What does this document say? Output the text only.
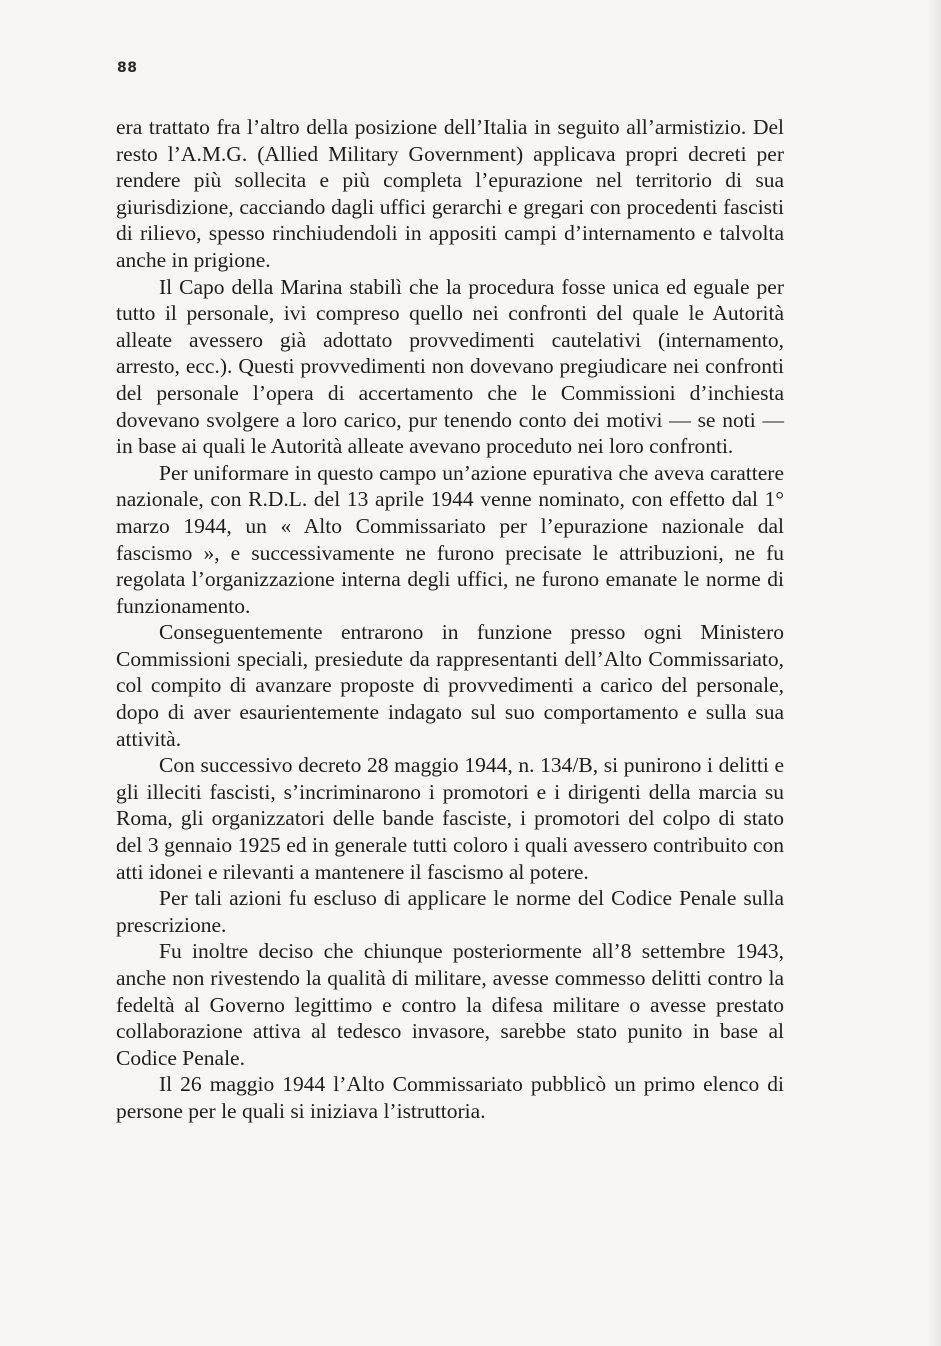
88

era trattato fra l’altro della posizione dell’Italia in seguito all’armistizio. Del resto l’A.M.G. (Allied Military Government) applicava propri decreti per rendere più sollecita e più completa l’epurazione nel territorio di sua giurisdizione, cacciando dagli uffici gerarchi e gregari con procedenti fascisti di rilievo, spesso rinchiudendoli in appositi campi d’internamento e talvolta anche in prigione.

Il Capo della Marina stabilì che la procedura fosse unica ed eguale per tutto il personale, ivi compreso quello nei confronti del quale le Autorità alleate avessero già adottato provvedimenti cautelativi (internamento, arresto, ecc.). Questi provvedimenti non dovevano pregiudicare nei confronti del personale l’opera di accertamento che le Commissioni d’inchiesta dovevano svolgere a loro carico, pur tenendo conto dei motivi — se noti — in base ai quali le Autorità alleate avevano proceduto nei loro confronti.

Per uniformare in questo campo un’azione epurativa che aveva carattere nazionale, con R.D.L. del 13 aprile 1944 venne nominato, con effetto dal 1° marzo 1944, un « Alto Commissariato per l’epurazione nazionale dal fascismo », e successivamente ne furono precisate le attribuzioni, ne fu regolata l’organizzazione interna degli uffici, ne furono emanate le norme di funzionamento.

Conseguentemente entrarono in funzione presso ogni Ministero Commissioni speciali, presiedute da rappresentanti dell’Alto Commissariato, col compito di avanzare proposte di provvedimenti a carico del personale, dopo di aver esaurientemente indagato sul suo comportamento e sulla sua attività.

Con successivo decreto 28 maggio 1944, n. 134/B, si punirono i delitti e gli illeciti fascisti, s’incriminarono i promotori e i dirigenti della marcia su Roma, gli organizzatori delle bande fasciste, i promotori del colpo di stato del 3 gennaio 1925 ed in generale tutti coloro i quali avessero contribuito con atti idonei e rilevanti a mantenere il fascismo al potere.

Per tali azioni fu escluso di applicare le norme del Codice Penale sulla prescrizione.

Fu inoltre deciso che chiunque posteriormente all’8 settembre 1943, anche non rivestendo la qualità di militare, avesse commesso delitti contro la fedeltà al Governo legittimo e contro la difesa militare o avesse prestato collaborazione attiva al tedesco invasore, sarebbe stato punito in base al Codice Penale.

Il 26 maggio 1944 l’Alto Commissariato pubblicò un primo elenco di persone per le quali si iniziava l’istruttoria.
